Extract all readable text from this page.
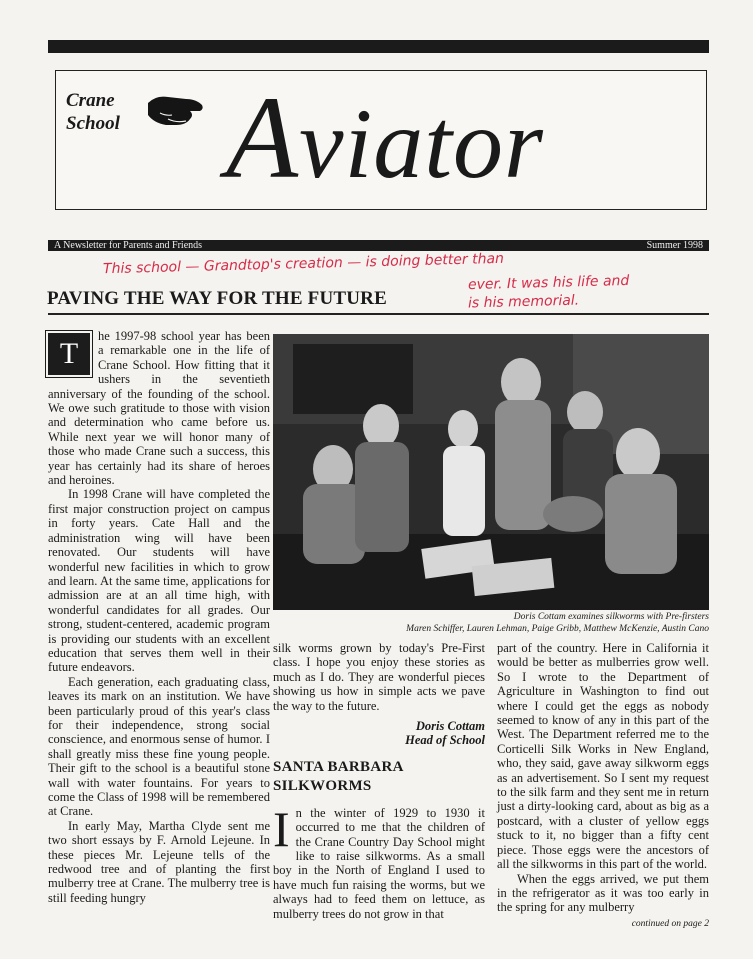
Crane
School Aviator
A Newsletter for Parents and Friends	Summer 1998
This school — Grandtop's creation — is doing better than
ever. It was his life and
is his memorial.
PAVING THE WAY FOR THE FUTURE

T
he 1997-98 school year has been a remarkable one in the life of Crane School. How fitting that it ushers in the seventieth anniversary of the founding of the school. We owe such gratitude to those with vision and determination who came before us. While next year we will honor many of those who made Crane such a success, this year has certainly had its share of heroes and heroines.

In 1998 Crane will have completed the first major construction project on campus in forty years. Cate Hall and the administration wing will have been renovated. Our students will have wonderful new facilities in which to grow and learn. At the same time, applications for admission are at an all time high, with wonderful candidates for all grades. Our strong, student-centered, academic program is providing our students with an excellent education that serves them well in their future endeavors.

Each generation, each graduating class, leaves its mark on an institution. We have been particularly proud of this year's class for their independence, strong social conscience, and enormous sense of humor. I shall greatly miss these fine young people. Their gift to the school is a beautiful stone wall with water fountains. For years to come the Class of 1998 will be remembered at Crane.

In early May, Martha Clyde sent me two short essays by F. Arnold Lejeune. In these pieces Mr. Lejeune tells of the redwood tree and of planting the first mulberry tree at Crane. The mulberry tree is still feeding hungry

Doris Cottam examines silkworms with Pre-firsters
Maren Schiffer, Lauren Lehman, Paige Gribb, Matthew McKenzie, Austin Cano

silk worms grown by today's Pre-First class. I hope you enjoy these stories as much as I do. They are wonderful pieces showing us how in simple acts we pave the way to the future.

Doris Cottam

Head of School

SANTA BARBARA
SILKWORMS

In the winter of 1929 to 1930 it occurred to me that the children of the Crane Country Day School might like to raise silkworms. As a small boy in the North of England I used to have much fun raising the worms, but we always had to feed them on lettuce, as mulberry trees do not grow in that

part of the country. Here in California it would be better as mulberries grow well. So I wrote to the Department of Agriculture in Washington to find out where I could get the eggs as nobody seemed to know of any in this part of the West. The Department referred me to the Corticelli Silk Works in New England, who, they said, gave away silkworm eggs as an advertisement. So I sent my request to the silk farm and they sent me in return just a dirty-looking card, about as big as a postcard, with a cluster of yellow eggs stuck to it, no bigger than a fifty cent piece. Those eggs were the ancestors of all the silkworms in this part of the world.

When the eggs arrived, we put them in the refrigerator as it was too early in the spring for any mulberry

continued on page 2
